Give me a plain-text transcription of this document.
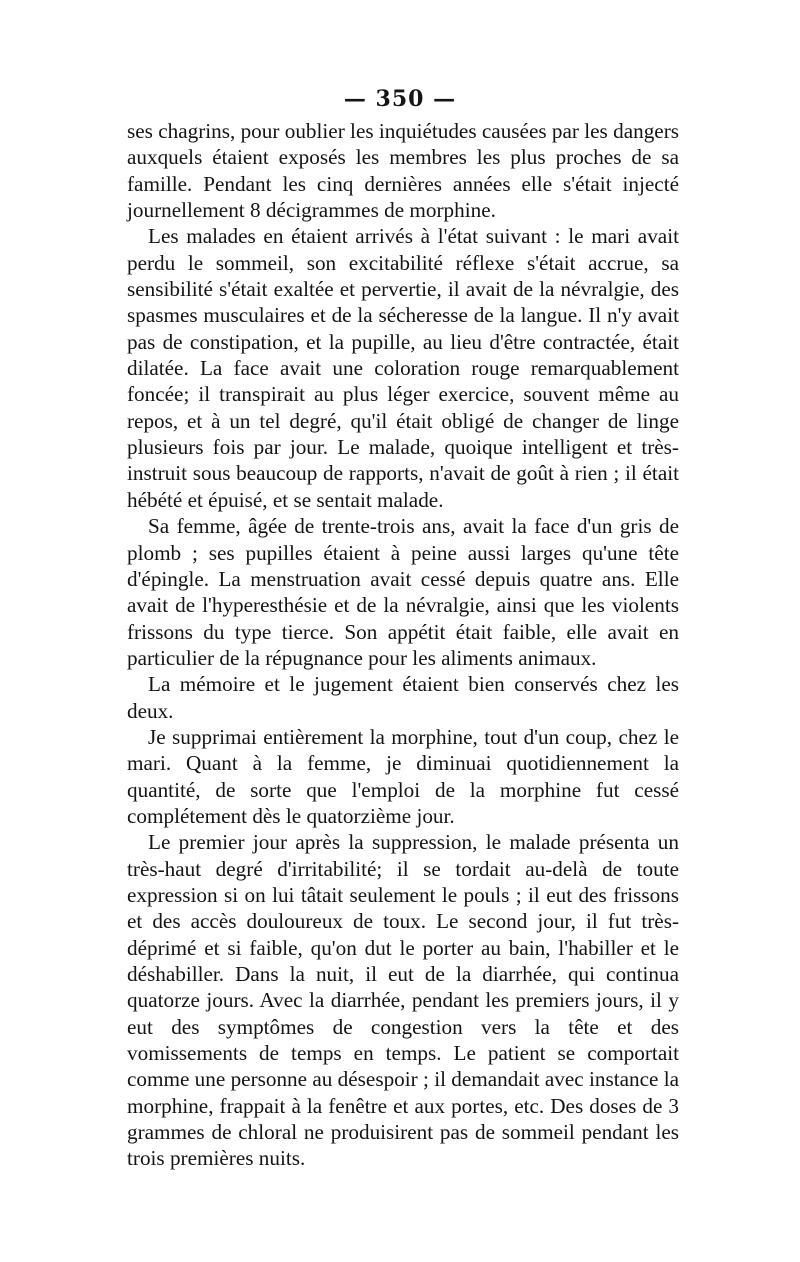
— 350 —

ses chagrins, pour oublier les inquiétudes causées par les dangers auxquels étaient exposés les membres les plus proches de sa famille. Pendant les cinq dernières années elle s'était injecté journellement 8 décigrammes de morphine.

Les malades en étaient arrivés à l'état suivant : le mari avait perdu le sommeil, son excitabilité réflexe s'était accrue, sa sensibilité s'était exaltée et pervertie, il avait de la névralgie, des spasmes musculaires et de la sécheresse de la langue. Il n'y avait pas de constipation, et la pupille, au lieu d'être contractée, était dilatée. La face avait une coloration rouge remarquablement foncée; il transpirait au plus léger exercice, souvent même au repos, et à un tel degré, qu'il était obligé de changer de linge plusieurs fois par jour. Le malade, quoique intelligent et très-instruit sous beaucoup de rapports, n'avait de goût à rien ; il était hébété et épuisé, et se sentait malade.

Sa femme, âgée de trente-trois ans, avait la face d'un gris de plomb ; ses pupilles étaient à peine aussi larges qu'une tête d'épingle. La menstruation avait cessé depuis quatre ans. Elle avait de l'hyperesthésie et de la névralgie, ainsi que les violents frissons du type tierce. Son appétit était faible, elle avait en particulier de la répugnance pour les aliments animaux.

La mémoire et le jugement étaient bien conservés chez les deux.

Je supprimai entièrement la morphine, tout d'un coup, chez le mari. Quant à la femme, je diminuai quotidiennement la quantité, de sorte que l'emploi de la morphine fut cessé complétement dès le quatorzième jour.

Le premier jour après la suppression, le malade présenta un très-haut degré d'irritabilité; il se tordait au-delà de toute expression si on lui tâtait seulement le pouls ; il eut des frissons et des accès douloureux de toux. Le second jour, il fut très-déprimé et si faible, qu'on dut le porter au bain, l'habiller et le déshabiller. Dans la nuit, il eut de la diarrhée, qui continua quatorze jours. Avec la diarrhée, pendant les premiers jours, il y eut des symptômes de congestion vers la tête et des vomissements de temps en temps. Le patient se comportait comme une personne au désespoir ; il demandait avec instance la morphine, frappait à la fenêtre et aux portes, etc. Des doses de 3 grammes de chloral ne produisirent pas de sommeil pendant les trois premières nuits.
